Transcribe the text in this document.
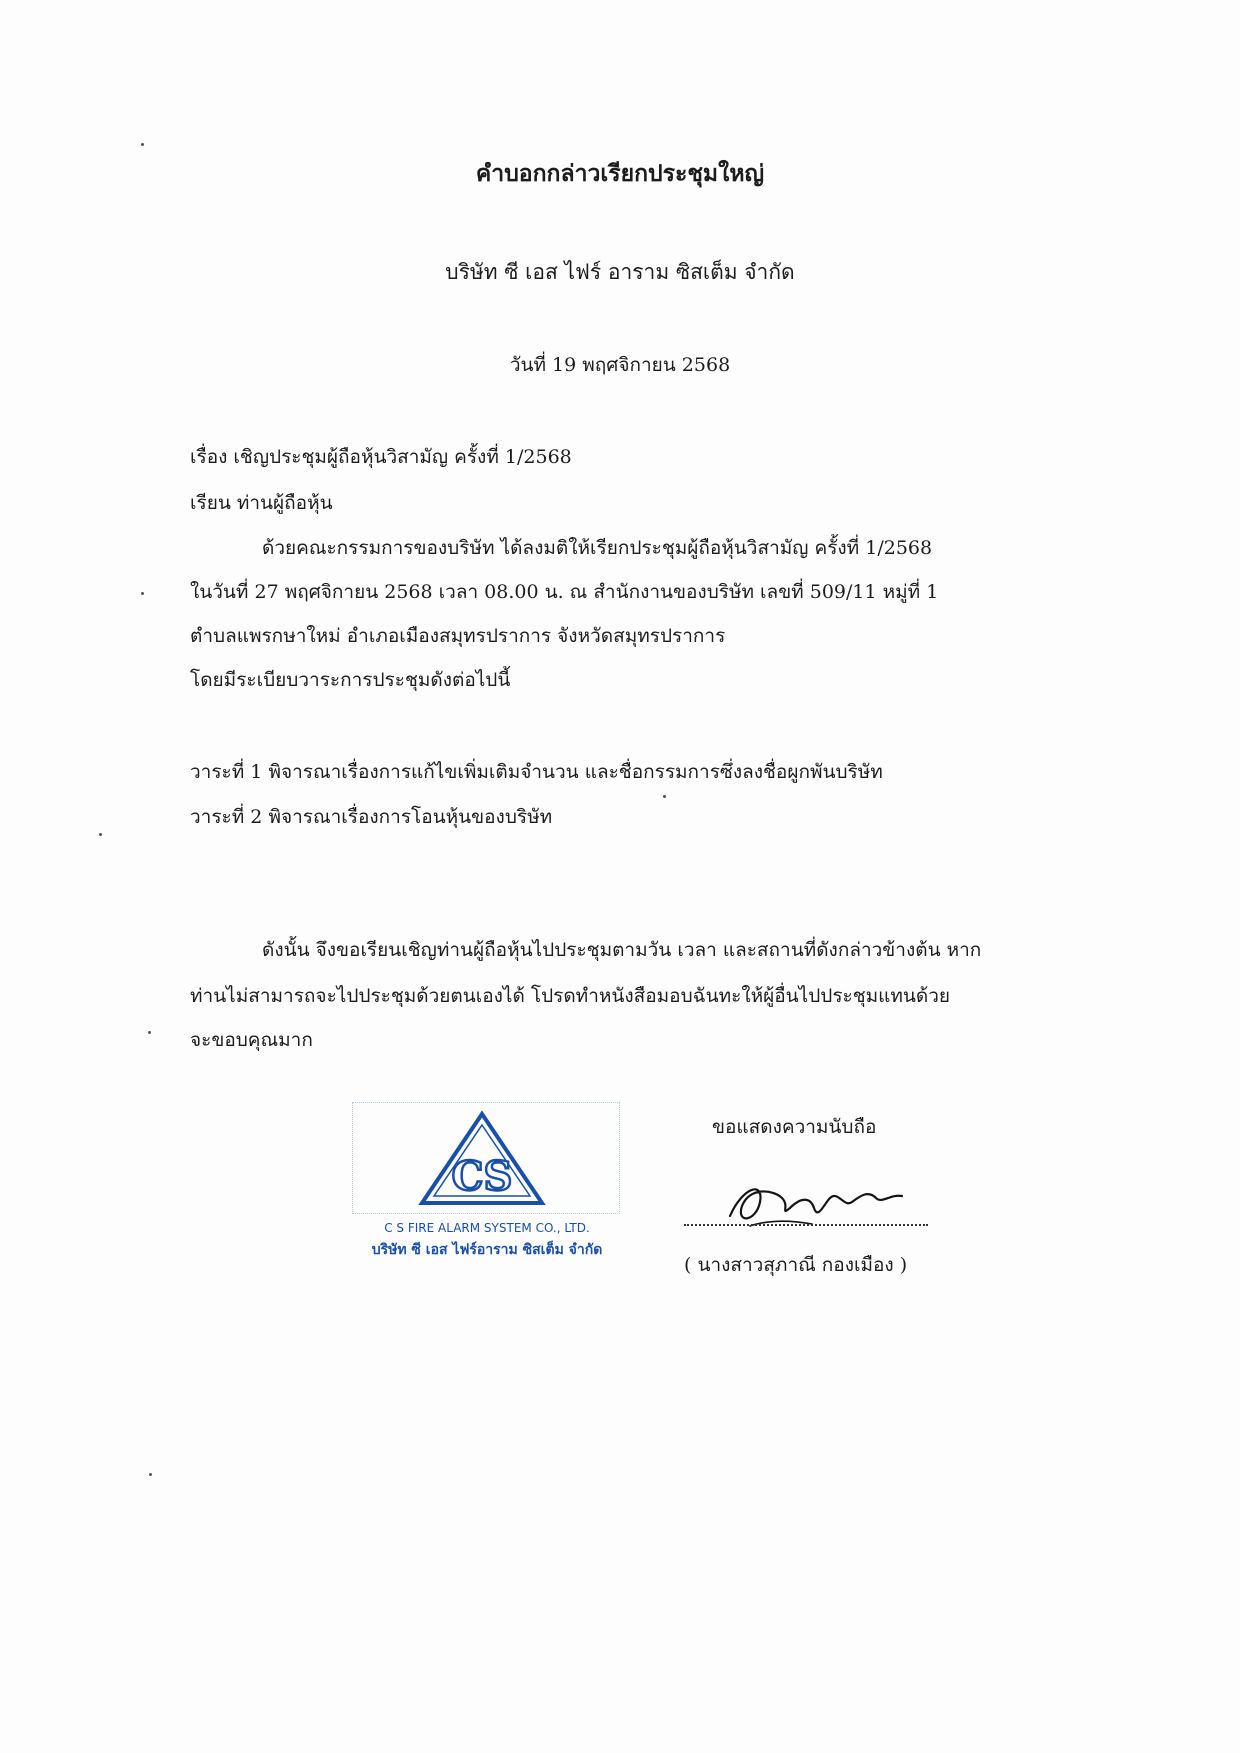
คำบอกกล่าวเรียกประชุมใหญ่
บริษัท ซี เอส ไฟร์ อาราม ซิสเต็ม จำกัด
วันที่ 19 พฤศจิกายน 2568
เรื่อง เชิญประชุมผู้ถือหุ้นวิสามัญ ครั้งที่ 1/2568
เรียน ท่านผู้ถือหุ้น
ด้วยคณะกรรมการของบริษัท ได้ลงมติให้เรียกประชุมผู้ถือหุ้นวิสามัญ ครั้งที่ 1/2568
ในวันที่ 27 พฤศจิกายน 2568 เวลา 08.00 น. ณ สำนักงานของบริษัท เลขที่ 509/11 หมู่ที่ 1
ตำบลแพรกษาใหม่ อำเภอเมืองสมุทรปราการ จังหวัดสมุทรปราการ
โดยมีระเบียบวาระการประชุมดังต่อไปนี้
วาระที่ 1 พิจารณาเรื่องการแก้ไขเพิ่มเติมจำนวน และชื่อกรรมการซึ่งลงชื่อผูกพันบริษัท
วาระที่ 2 พิจารณาเรื่องการโอนหุ้นของบริษัท
ดังนั้น จึงขอเรียนเชิญท่านผู้ถือหุ้นไปประชุมตามวัน เวลา และสถานที่ดังกล่าวข้างต้น หาก
ท่านไม่สามารถจะไปประชุมด้วยตนเองได้ โปรดทำหนังสือมอบฉันทะให้ผู้อื่นไปประชุมแทนด้วย
จะขอบคุณมาก
CS
C S FIRE ALARM SYSTEM CO., LTD.
บริษัท ซี เอส ไฟร์อาราม ซิสเต็ม จำกัด
ขอแสดงความนับถือ
( นางสาวสุภาณี กองเมือง )
